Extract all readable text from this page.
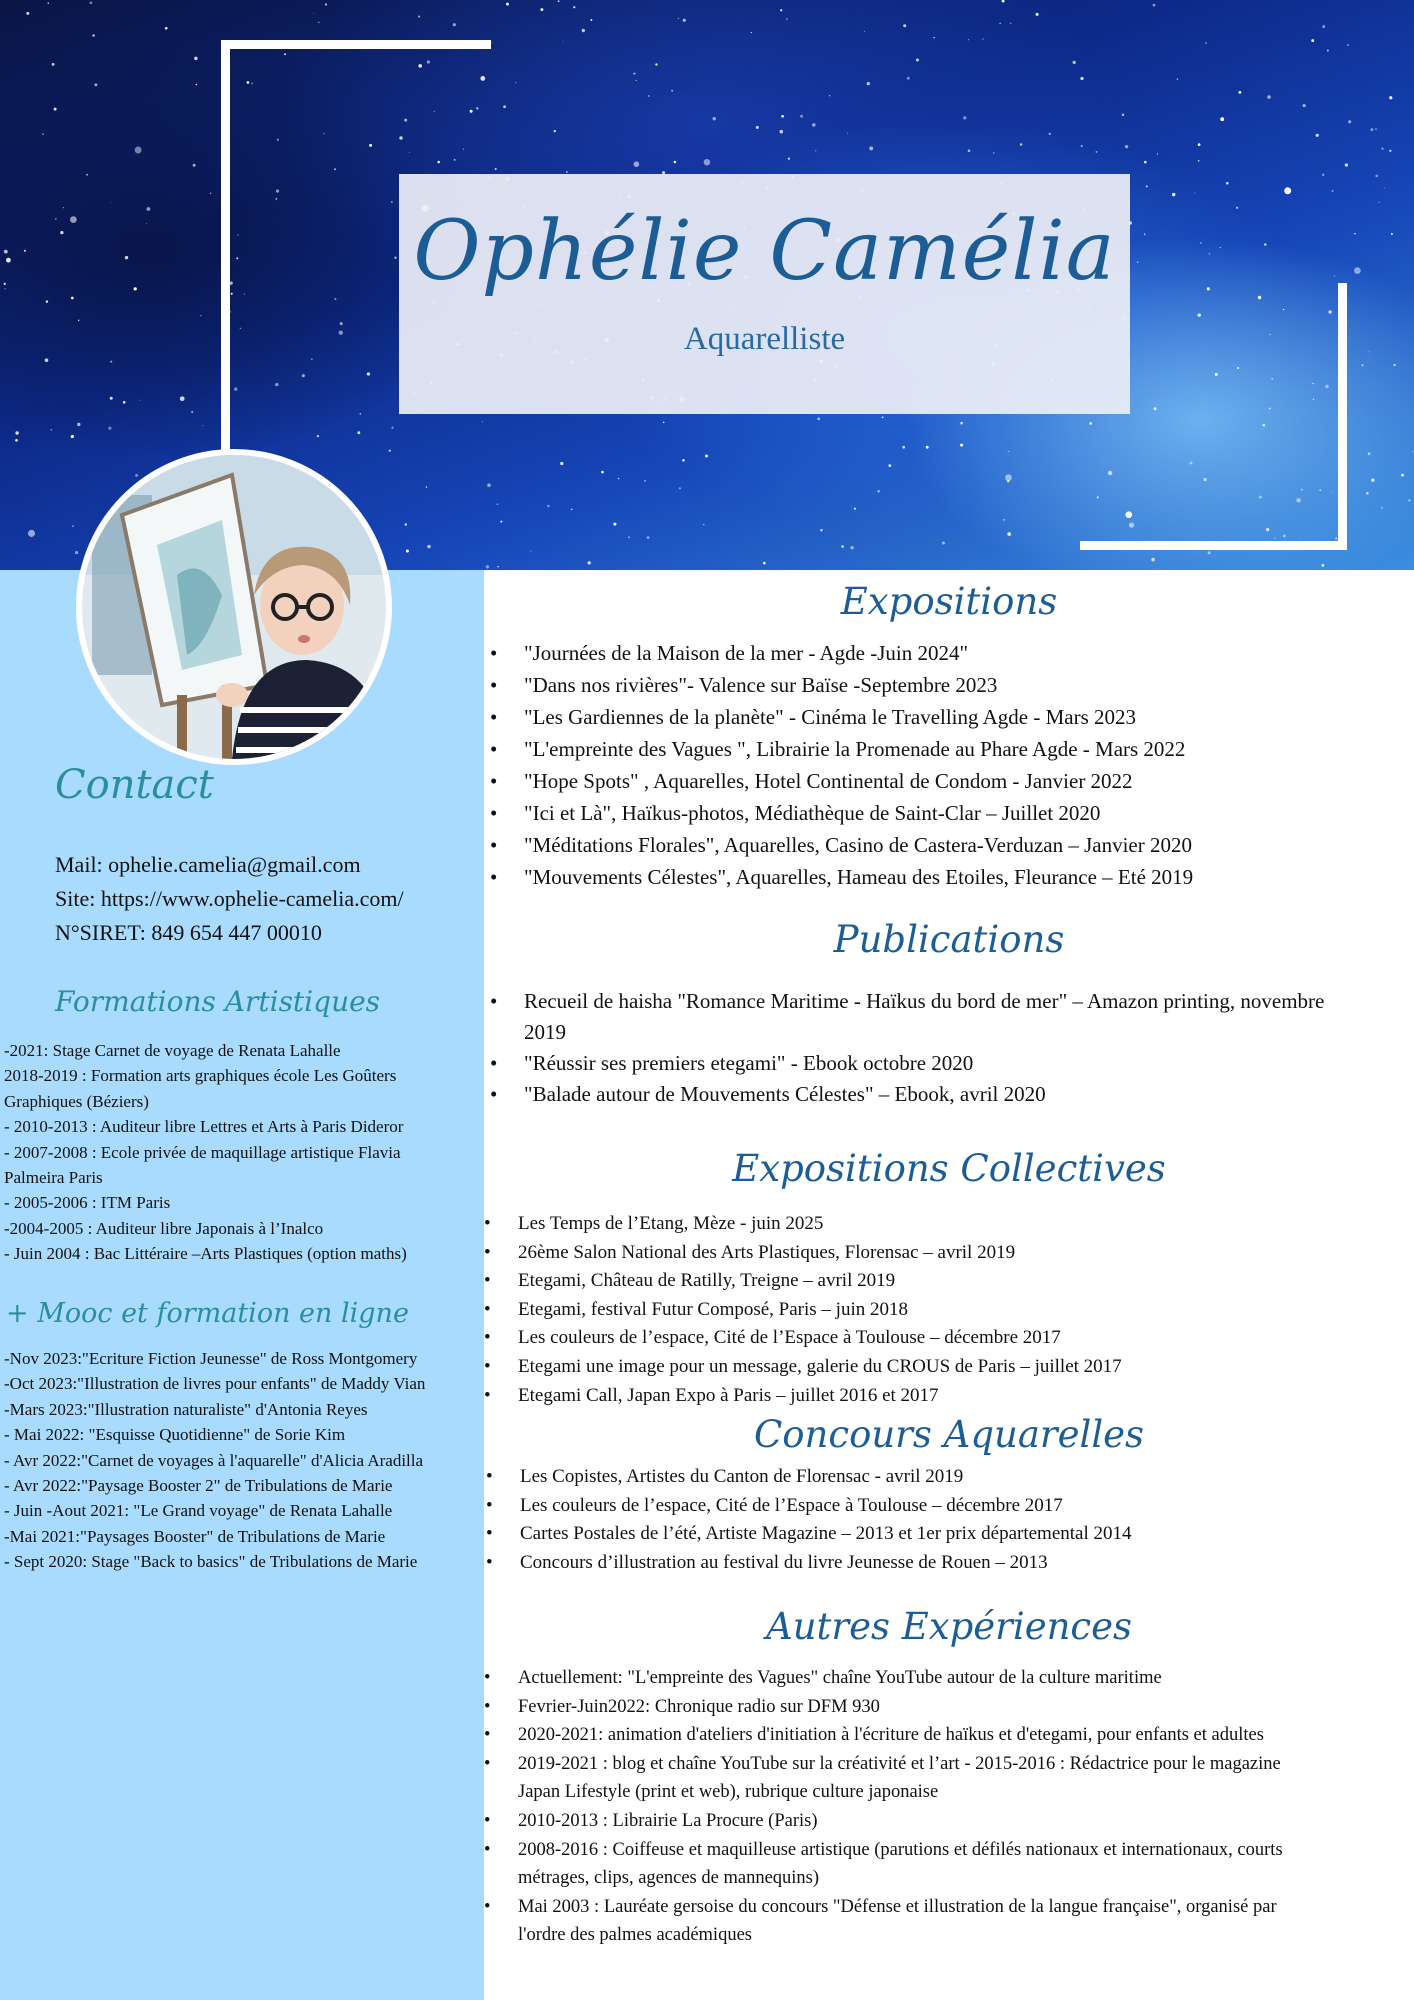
Ophélie Camélia
Aquarelliste
Contact
Mail: ophelie.camelia@gmail.com
Site: https://www.ophelie-camelia.com/
N°SIRET: 849 654 447 00010
Formations Artistiques
-2021: Stage Carnet de voyage de Renata Lahalle
2018-2019 : Formation arts graphiques école Les Goûters
Graphiques (Béziers)
- 2010-2013 : Auditeur libre Lettres et Arts à Paris Dideror
- 2007-2008 : Ecole privée de maquillage artistique Flavia
Palmeira Paris
- 2005-2006 : ITM Paris
-2004-2005 : Auditeur libre Japonais à l’Inalco
- Juin 2004 : Bac Littéraire –Arts Plastiques (option maths)
+ Mooc et formation en ligne
-Nov 2023:"Ecriture Fiction Jeunesse" de Ross Montgomery
-Oct 2023:"Illustration de livres pour enfants" de Maddy Vian
-Mars 2023:"Illustration naturaliste" d'Antonia Reyes
- Mai 2022: "Esquisse Quotidienne" de Sorie Kim
- Avr 2022:"Carnet de voyages à l'aquarelle" d'Alicia Aradilla
- Avr 2022:"Paysage Booster 2" de Tribulations de Marie
- Juin -Aout 2021: "Le Grand voyage" de Renata Lahalle
-Mai 2021:"Paysages Booster" de Tribulations de Marie
- Sept 2020: Stage "Back to basics" de Tribulations de Marie
Expositions
• "Journées de la Maison de la mer - Agde -Juin 2024"
• "Dans nos rivières"- Valence sur Baïse -Septembre 2023
• "Les Gardiennes de la planète" - Cinéma le Travelling Agde - Mars 2023
• "L'empreinte des Vagues ", Librairie la Promenade au Phare Agde - Mars 2022
• "Hope Spots" , Aquarelles, Hotel Continental de Condom - Janvier 2022
• "Ici et Là", Haïkus-photos, Médiathèque de Saint-Clar – Juillet 2020
• "Méditations Florales", Aquarelles, Casino de Castera-Verduzan – Janvier 2020
• "Mouvements Célestes", Aquarelles, Hameau des Etoiles, Fleurance – Eté 2019
Publications
• Recueil de haisha "Romance Maritime - Haïkus du bord de mer" – Amazon printing, novembre 2019
• "Réussir ses premiers etegami" - Ebook octobre 2020
• "Balade autour de Mouvements Célestes" – Ebook, avril 2020
Expositions Collectives
• Les Temps de l’Etang, Mèze - juin 2025
• 26ème Salon National des Arts Plastiques, Florensac – avril 2019
• Etegami, Château de Ratilly, Treigne – avril 2019
• Etegami, festival Futur Composé, Paris – juin 2018
• Les couleurs de l’espace, Cité de l’Espace à Toulouse – décembre 2017
• Etegami une image pour un message, galerie du CROUS de Paris – juillet 2017
• Etegami Call, Japan Expo à Paris – juillet 2016 et 2017
Concours Aquarelles
• Les Copistes, Artistes du Canton de Florensac - avril 2019
• Les couleurs de l’espace, Cité de l’Espace à Toulouse – décembre 2017
• Cartes Postales de l’été, Artiste Magazine – 2013 et 1er prix départemental 2014
• Concours d’illustration au festival du livre Jeunesse de Rouen – 2013
Autres Expériences
• Actuellement: "L'empreinte des Vagues" chaîne YouTube autour de la culture maritime
• Fevrier-Juin2022: Chronique radio sur DFM 930
• 2020-2021: animation d'ateliers d'initiation à l'écriture de haïkus et d'etegami, pour enfants et adultes
• 2019-2021 : blog et chaîne YouTube sur la créativité et l’art - 2015-2016 : Rédactrice pour le magazine Japan Lifestyle (print et web), rubrique culture japonaise
• 2010-2013 : Librairie La Procure (Paris)
• 2008-2016 : Coiffeuse et maquilleuse artistique (parutions et défilés nationaux et internationaux, courts métrages, clips, agences de mannequins)
• Mai 2003 : Lauréate gersoise du concours "Défense et illustration de la langue française", organisé par l'ordre des palmes académiques
